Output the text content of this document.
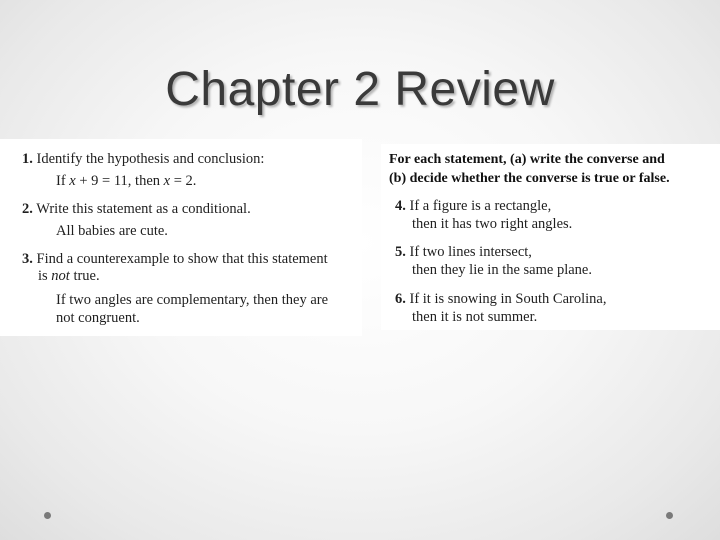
Chapter 2 Review
1. Identify the hypothesis and conclusion:
If x + 9 = 11, then x = 2.
2. Write this statement as a conditional.
All babies are cute.
3. Find a counterexample to show that this statement
is not true.
If two angles are complementary, then they are
not congruent.
For each statement, (a) write the converse and
(b) decide whether the converse is true or false.
4. If a figure is a rectangle,
then it has two right angles.
5. If two lines intersect,
then they lie in the same plane.
6. If it is snowing in South Carolina,
then it is not summer.
